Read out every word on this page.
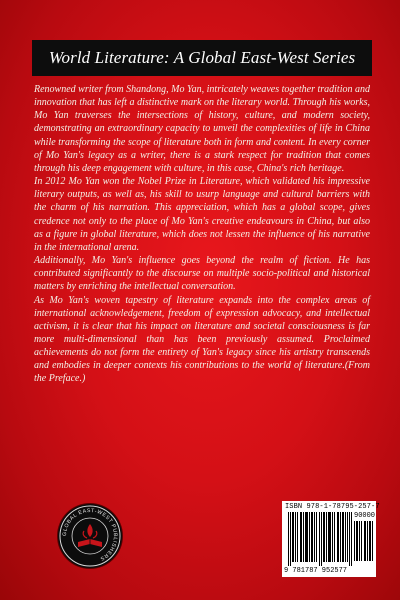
World Literature: A Global East-West Series

Renowned writer from Shandong, Mo Yan, intricately weaves together tradition and innovation that has left a distinctive mark on the literary world. Through his works, Mo Yan traverses the intersections of history, culture, and modern society, demonstrating an extraordinary capacity to unveil the complexities of life in China while transforming the scope of literature both in form and content. In every corner of Mo Yan's legacy as a writer, there is a stark respect for tradition that comes through his deep engagement with culture, in this case, China's rich heritage.

In 2012 Mo Yan won the Nobel Prize in Literature, which validated his impressive literary outputs, as well as, his skill to usurp language and cultural barriers with the charm of his narration. This appreciation, which has a global scope, gives credence not only to the place of Mo Yan's creative endeavours in China, but also as a figure in global literature, which does not lessen the influence of his narrative in the international arena.

Additionally, Mo Yan's influence goes beyond the realm of fiction. He has contributed significantly to the discourse on multiple socio-political and historical matters by enriching the intellectual conversation.

As Mo Yan's woven tapestry of literature expands into the complex areas of international acknowledgement, freedom of expression advocacy, and intellectual activism, it is clear that his impact on literature and societal consciousness is far more multi-dimensional than has been previously assumed. Proclaimed achievements do not form the entirety of Yan's legacy since his artistry transcends and embodies in deeper contexts his contributions to the world of literature.(From the Preface.)

GLOBAL EAST-WEST PUBLISHERS
ISBN 978-1-78795-257-7
90000
9 781787 952577
